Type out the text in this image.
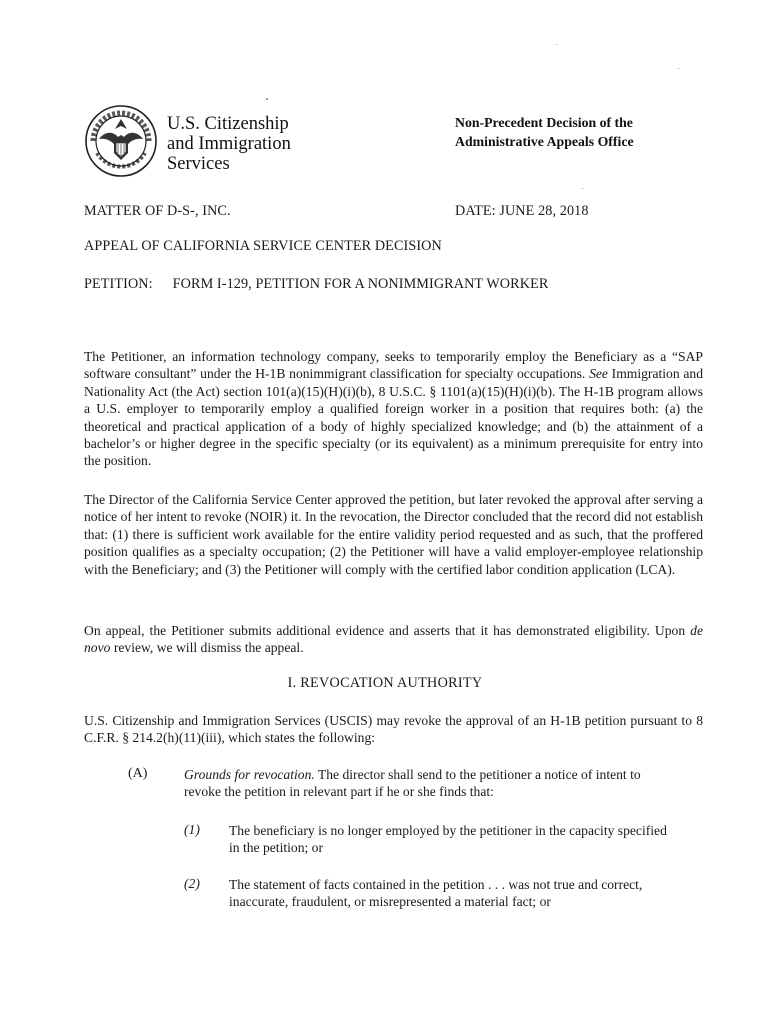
U.S. Citizenship
and Immigration
Services
Non-Precedent Decision of the
Administrative Appeals Office
MATTER OF D-S-, INC.	DATE: JUNE 28, 2018
APPEAL OF CALIFORNIA SERVICE CENTER DECISION
PETITION: FORM I-129, PETITION FOR A NONIMMIGRANT WORKER
The Petitioner, an information technology company, seeks to temporarily employ the Beneficiary as a “SAP software consultant” under the H-1B nonimmigrant classification for specialty occupations. See Immigration and Nationality Act (the Act) section 101(a)(15)(H)(i)(b), 8 U.S.C. § 1101(a)(15)(H)(i)(b). The H-1B program allows a U.S. employer to temporarily employ a qualified foreign worker in a position that requires both: (a) the theoretical and practical application of a body of highly specialized knowledge; and (b) the attainment of a bachelor’s or higher degree in the specific specialty (or its equivalent) as a minimum prerequisite for entry into the position.
The Director of the California Service Center approved the petition, but later revoked the approval after serving a notice of her intent to revoke (NOIR) it. In the revocation, the Director concluded that the record did not establish that: (1) there is sufficient work available for the entire validity period requested and as such, that the proffered position qualifies as a specialty occupation; (2) the Petitioner will have a valid employer-employee relationship with the Beneficiary; and (3) the Petitioner will comply with the certified labor condition application (LCA).
On appeal, the Petitioner submits additional evidence and asserts that it has demonstrated eligibility. Upon de novo review, we will dismiss the appeal.
I. REVOCATION AUTHORITY
U.S. Citizenship and Immigration Services (USCIS) may revoke the approval of an H-1B petition pursuant to 8 C.F.R. § 214.2(h)(11)(iii), which states the following:
(A)	Grounds for revocation. The director shall send to the petitioner a notice of intent to revoke the petition in relevant part if he or she finds that:
(1) The beneficiary is no longer employed by the petitioner in the capacity specified in the petition; or
(2) The statement of facts contained in the petition . . . was not true and correct, inaccurate, fraudulent, or misrepresented a material fact; or
